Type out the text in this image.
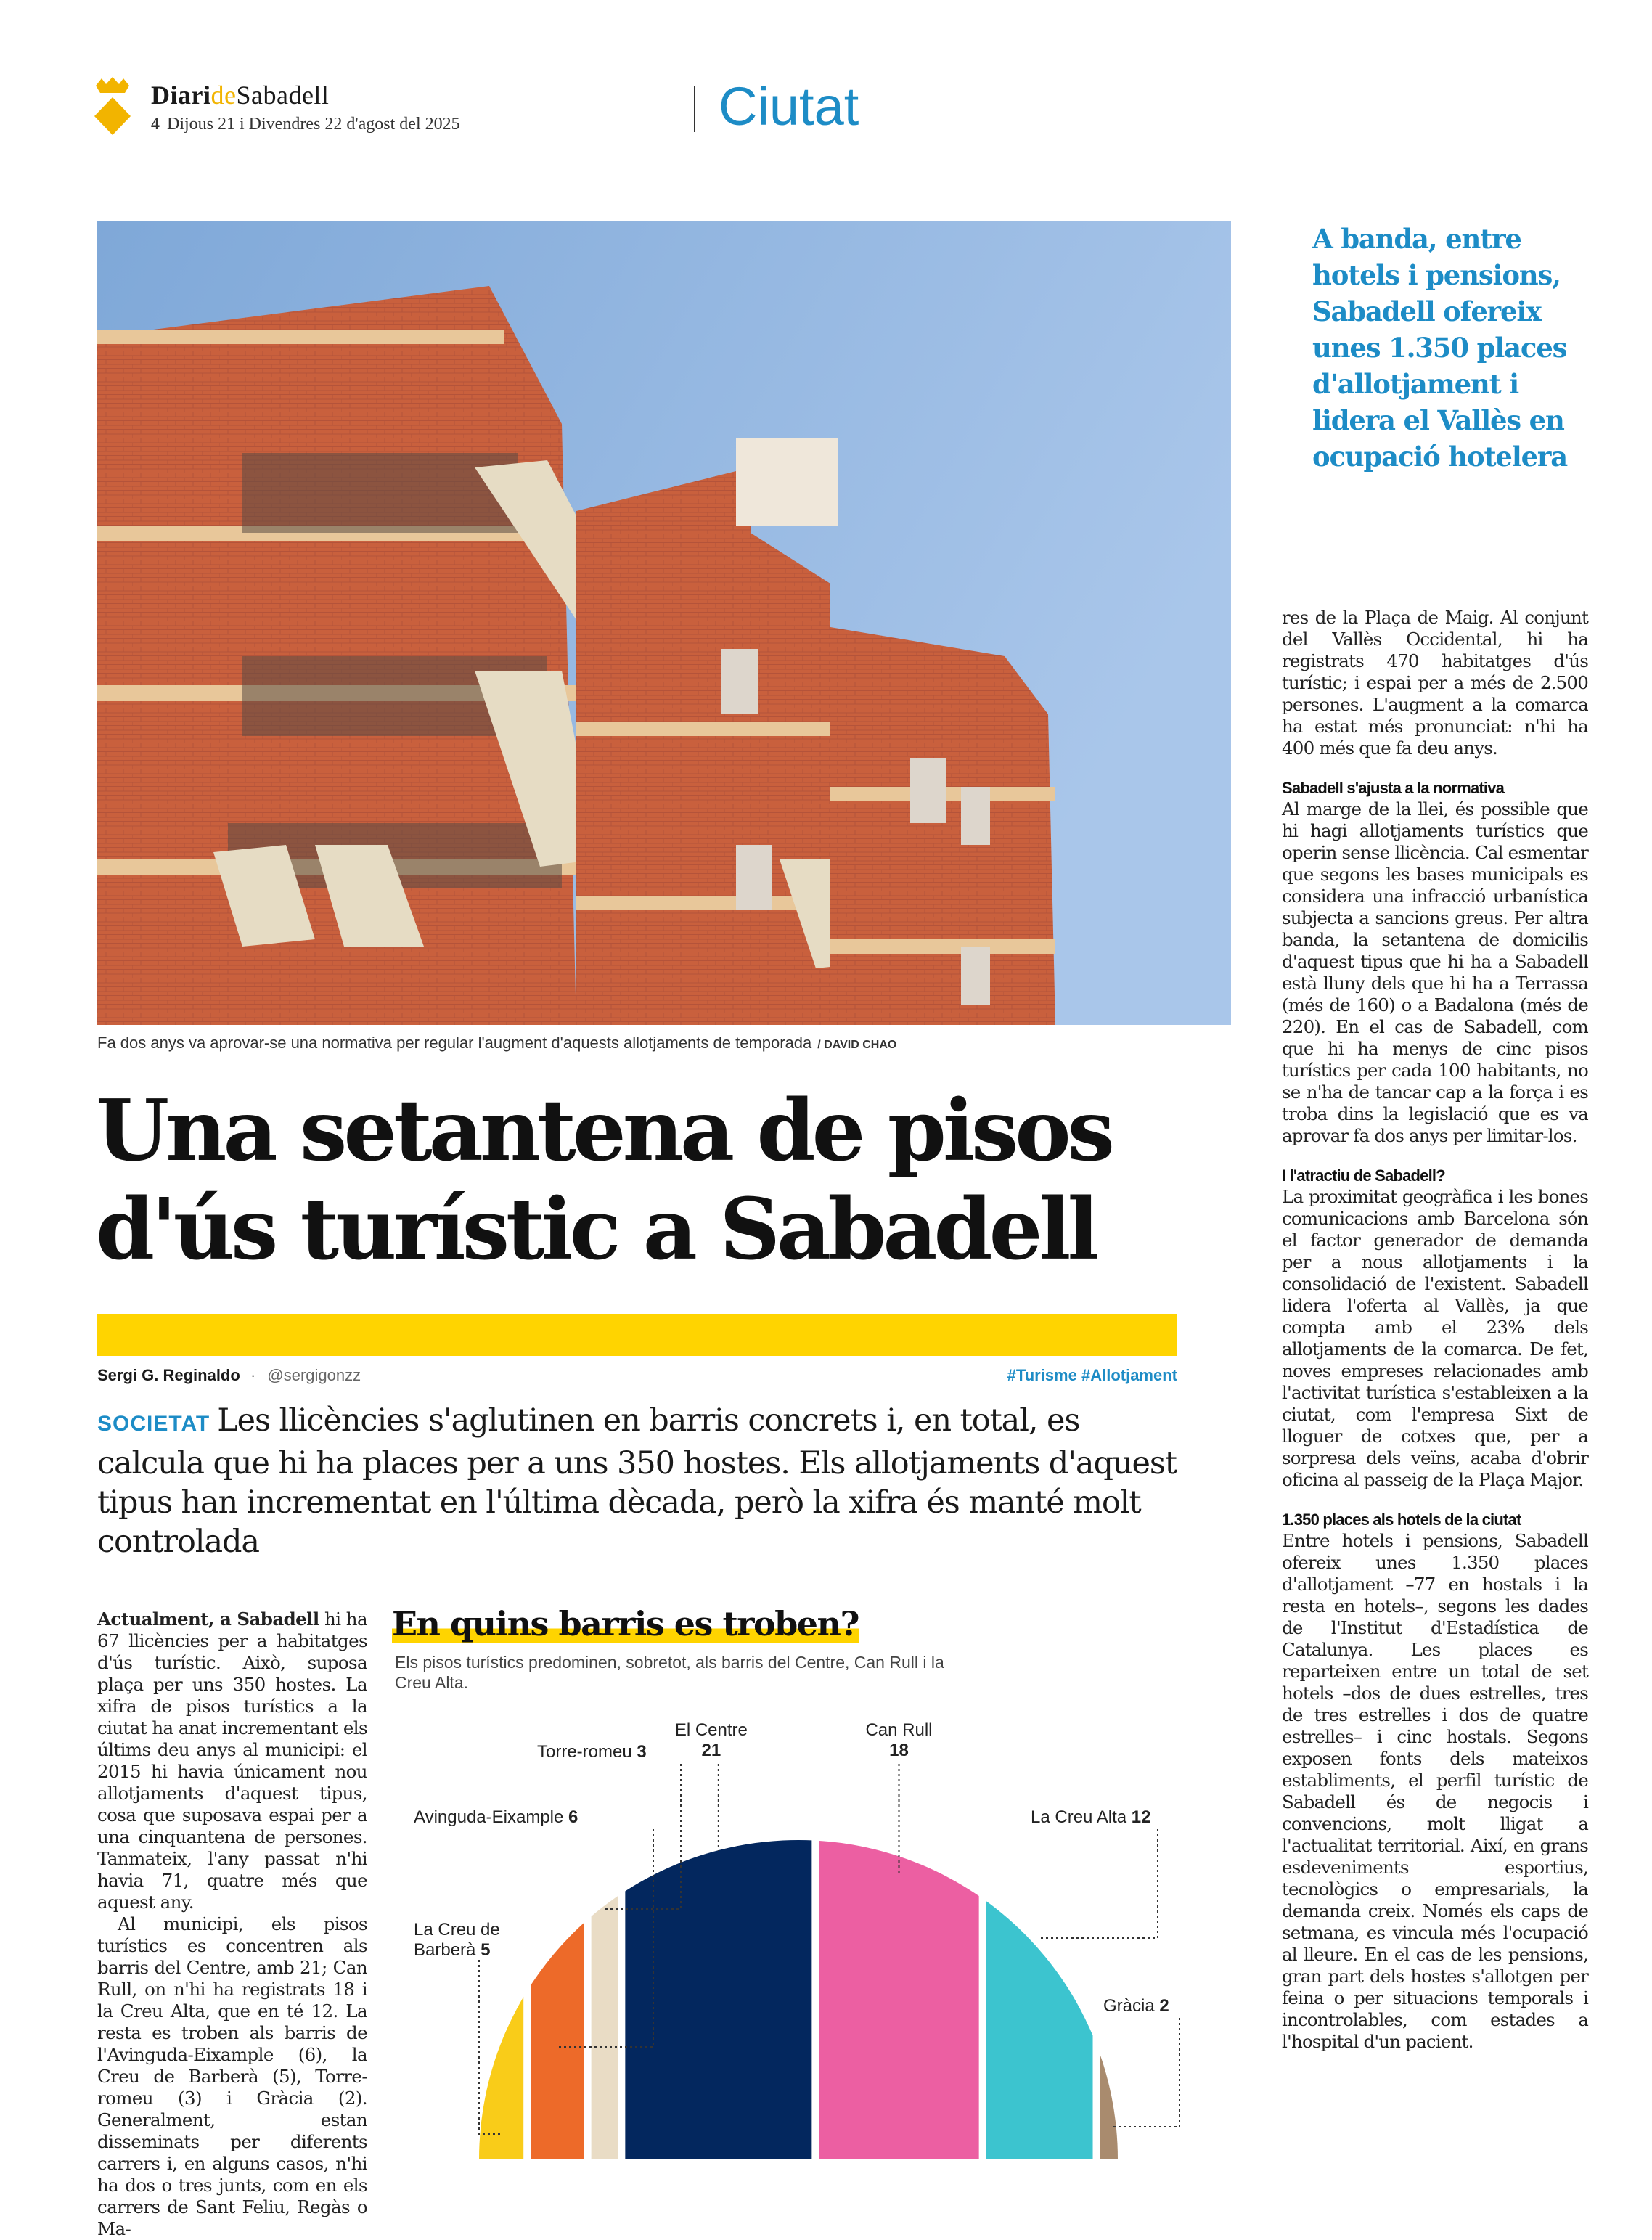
DiarideSabadell
4 Dijous 21 i Divendres 22 d'agost del 2025	Ciutat
Fa dos anys va aprovar-se una normativa per regular l'augment d'aquests allotjaments de temporada / DAVID CHAO
A banda, entre hotels i pensions, Sabadell ofereix unes 1.350 places d'allotjament i lidera el Vallès en ocupació hotelera
Una setantena de pisos
d'ús turístic a Sabadell
Sergi G. Reginaldo · @sergigonzz	#Turisme #Allotjament
SOCIETAT Les llicències s'aglutinen en barris concrets i, en total, es calcula que hi ha places per a uns 350 hostes. Els allotjaments d'aquest tipus han incrementat en l'última dècada, però la xifra és manté molt controlada

Actualment, a Sabadell hi ha 67 llicències per a habitatges d'ús turístic. Això, suposa plaça per uns 350 hostes. La xifra de pisos turístics a la ciutat ha anat incrementant els últims deu anys al municipi: el 2015 hi havia únicament nou allotjaments d'aquest tipus, cosa que suposava espai per a una cinquantena de persones. Tanmateix, l'any passat n'hi havia 71, quatre més que aquest any.

Al municipi, els pisos turístics es concentren als barris del Centre, amb 21; Can Rull, on n'hi ha registrats 18 i la Creu Alta, que en té 12. La resta es troben als barris de l'Avinguda-Eixample (6), la Creu de Barberà (5), Torre-romeu (3) i Gràcia (2). Generalment, estan disseminats per diferents carrers i, en alguns casos, n'hi ha dos o tres junts, com en els carrers de Sant Feliu, Regàs o Ma-

res de la Plaça de Maig. Al conjunt del Vallès Occidental, hi ha registrats 470 habitatges d'ús turístic; i espai per a més de 2.500 persones. L'augment a la comarca ha estat més pronunciat: n'hi ha 400 més que fa deu anys.

Sabadell s'ajusta a la normativa

Al marge de la llei, és possible que hi hagi allotjaments turístics que operin sense llicència. Cal esmentar que segons les bases municipals es considera una infracció urbanística subjecta a sancions greus. Per altra banda, la setantena de domicilis d'aquest tipus que hi ha a Sabadell està lluny dels que hi ha a Terrassa (més de 160) o a Badalona (més de 220). En el cas de Sabadell, com que hi ha menys de cinc pisos turístics per cada 100 habitants, no se n'ha de tancar cap a la força i es troba dins la legislació que es va aprovar fa dos anys per limitar-los.

I l'atractiu de Sabadell?

La proximitat geogràfica i les bones comunicacions amb Barcelona són el factor generador de demanda per a nous allotjaments i la consolidació de l'existent. Sabadell lidera l'oferta al Vallès, ja que compta amb el 23% dels allotjaments de la comarca. De fet, noves empreses relacionades amb l'activitat turística s'estableixen a la ciutat, com l'empresa Sixt de lloguer de cotxes que, per a sorpresa dels veïns, acaba d'obrir oficina al passeig de la Plaça Major.

1.350 places als hotels de la ciutat

Entre hotels i pensions, Sabadell ofereix unes 1.350 places d'allotjament –77 en hostals i la resta en hotels–, segons les dades de l'Institut d'Estadística de Catalunya. Les places es reparteixen entre un total de set hotels –dos de dues estrelles, tres de tres estrelles i dos de quatre estrelles– i cinc hostals. Segons exposen fonts dels mateixos establiments, el perfil turístic de Sabadell és de negocis i convencions, molt lligat a l'actualitat territorial. Així, en grans esdeveniments esportius, tecnològics o empresarials, la demanda creix. Només els caps de setmana, es vincula més l'ocupació al lleure. En el cas de les pensions, gran part dels hostes s'allotgen per feina o per situacions temporals i incontrolables, com estades a l'hospital d'un pacient.

En quins barris es troben?
Els pisos turístics predominen, sobretot, als barris del Centre, Can Rull i la Creu Alta.
La Creu de Barberà 5
Avinguda-Eixample 6
Torre-romeu 3
El Centre
21
Can Rull
18
La Creu Alta 12
Gràcia 2
